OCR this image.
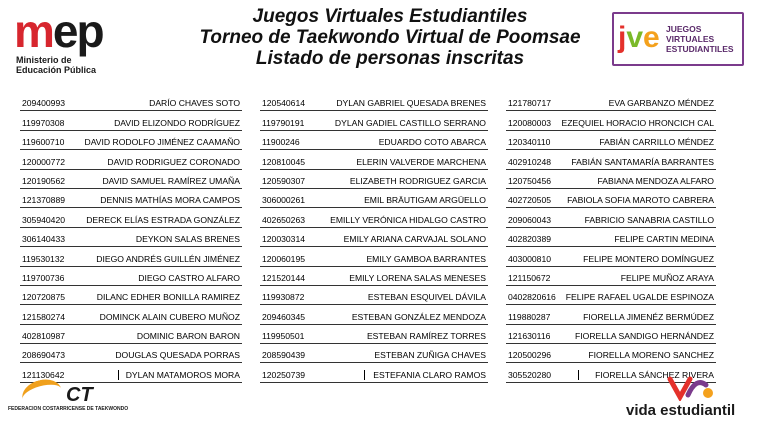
mep
Ministerio de
Educación Pública
Juegos Virtuales Estudiantiles
Torneo de Taekwondo Virtual de Poomsae
Listado de personas inscritas
jve JUEGOS
VIRTUALES
ESTUDIANTILES
209400993	DARÍO CHAVES SOTO
119970308	DAVID ELIZONDO RODRÍGUEZ
119600710 DAVID RODOLFO JIMÉNEZ CAAMAÑO
120000772	DAVID RODRIGUEZ CORONADO
120190562	DAVID SAMUEL RAMÍREZ UMAÑA
121370889	DENNIS MATHÍAS MORA CAMPOS
305940420 DERECK ELÍAS ESTRADA GONZÁLEZ
306140433	DEYKON SALAS BRENES
119530132	DIEGO ANDRÉS GUILLÉN JIMÉNEZ
119700736	DIEGO CASTRO ALFARO
120720875	DILANC EDHER BONILLA RAMIREZ
121580274	DOMINCK ALAIN CUBERO MUÑOZ
402810987	DOMINIC BARON BARON
208690473	DOUGLAS QUESADA PORRAS
121130642	DYLAN MATAMOROS MORA
120540614	DYLAN GABRIEL QUESADA BRENES
119790191	DYLAN GADIEL CASTILLO SERRANO
11900246	EDUARDO COTO ABARCA
120810045	ELERIN VALVERDE MARCHENA
120590307	ELIZABETH RODRIGUEZ GARCIA
306000261	EMIL BRÄUTIGAM ARGÜELLO
402650263	EMILLY VERÓNICA HIDALGO CASTRO
120030314	EMILY ARIANA CARVAJAL SOLANO
120060195	EMILY GAMBOA BARRANTES
121520144	EMILY LORENA SALAS MENESES
119930872	ESTEBAN ESQUIVEL DÁVILA
209460345	ESTEBAN GONZÁLEZ MENDOZA
119950501	ESTEBAN RAMÍREZ TORRES
208590439	ESTEBAN ZUÑIGA CHAVES
120250739	ESTEFANIA CLARO RAMOS
121780717	EVA GARBANZO MÉNDEZ
120080003 EZEQUIEL HORACIO HRONCICH CAL
120340110	FABIÁN CARRILLO MÉNDEZ
402910248 FABIÁN SANTAMARÍA BARRANTES
120750456	FABIANA MENDOZA ALFARO
402720505 FABIOLA SOFIA MAROTO CABRERA
209060043	FABRICIO SANABRIA CASTILLO
402820389	FELIPE CARTIN MEDINA
403000810	FELIPE MONTERO DOMÍNGUEZ
121150672	FELIPE MUÑOZ ARAYA
0402820616 FELIPE RAFAEL UGALDE ESPINOZA
119880287	FIORELLA JIMENÉZ BERMÚDEZ
121630116	FIORELLA SANDIGO HERNÁNDEZ
120500296	FIORELLA MORENO SANCHEZ
305520280	FIORELLA SÁNCHEZ RIVERA
CT
FEDERACION COSTARRICENSE DE TAEKWONDO	vida estudiantil
